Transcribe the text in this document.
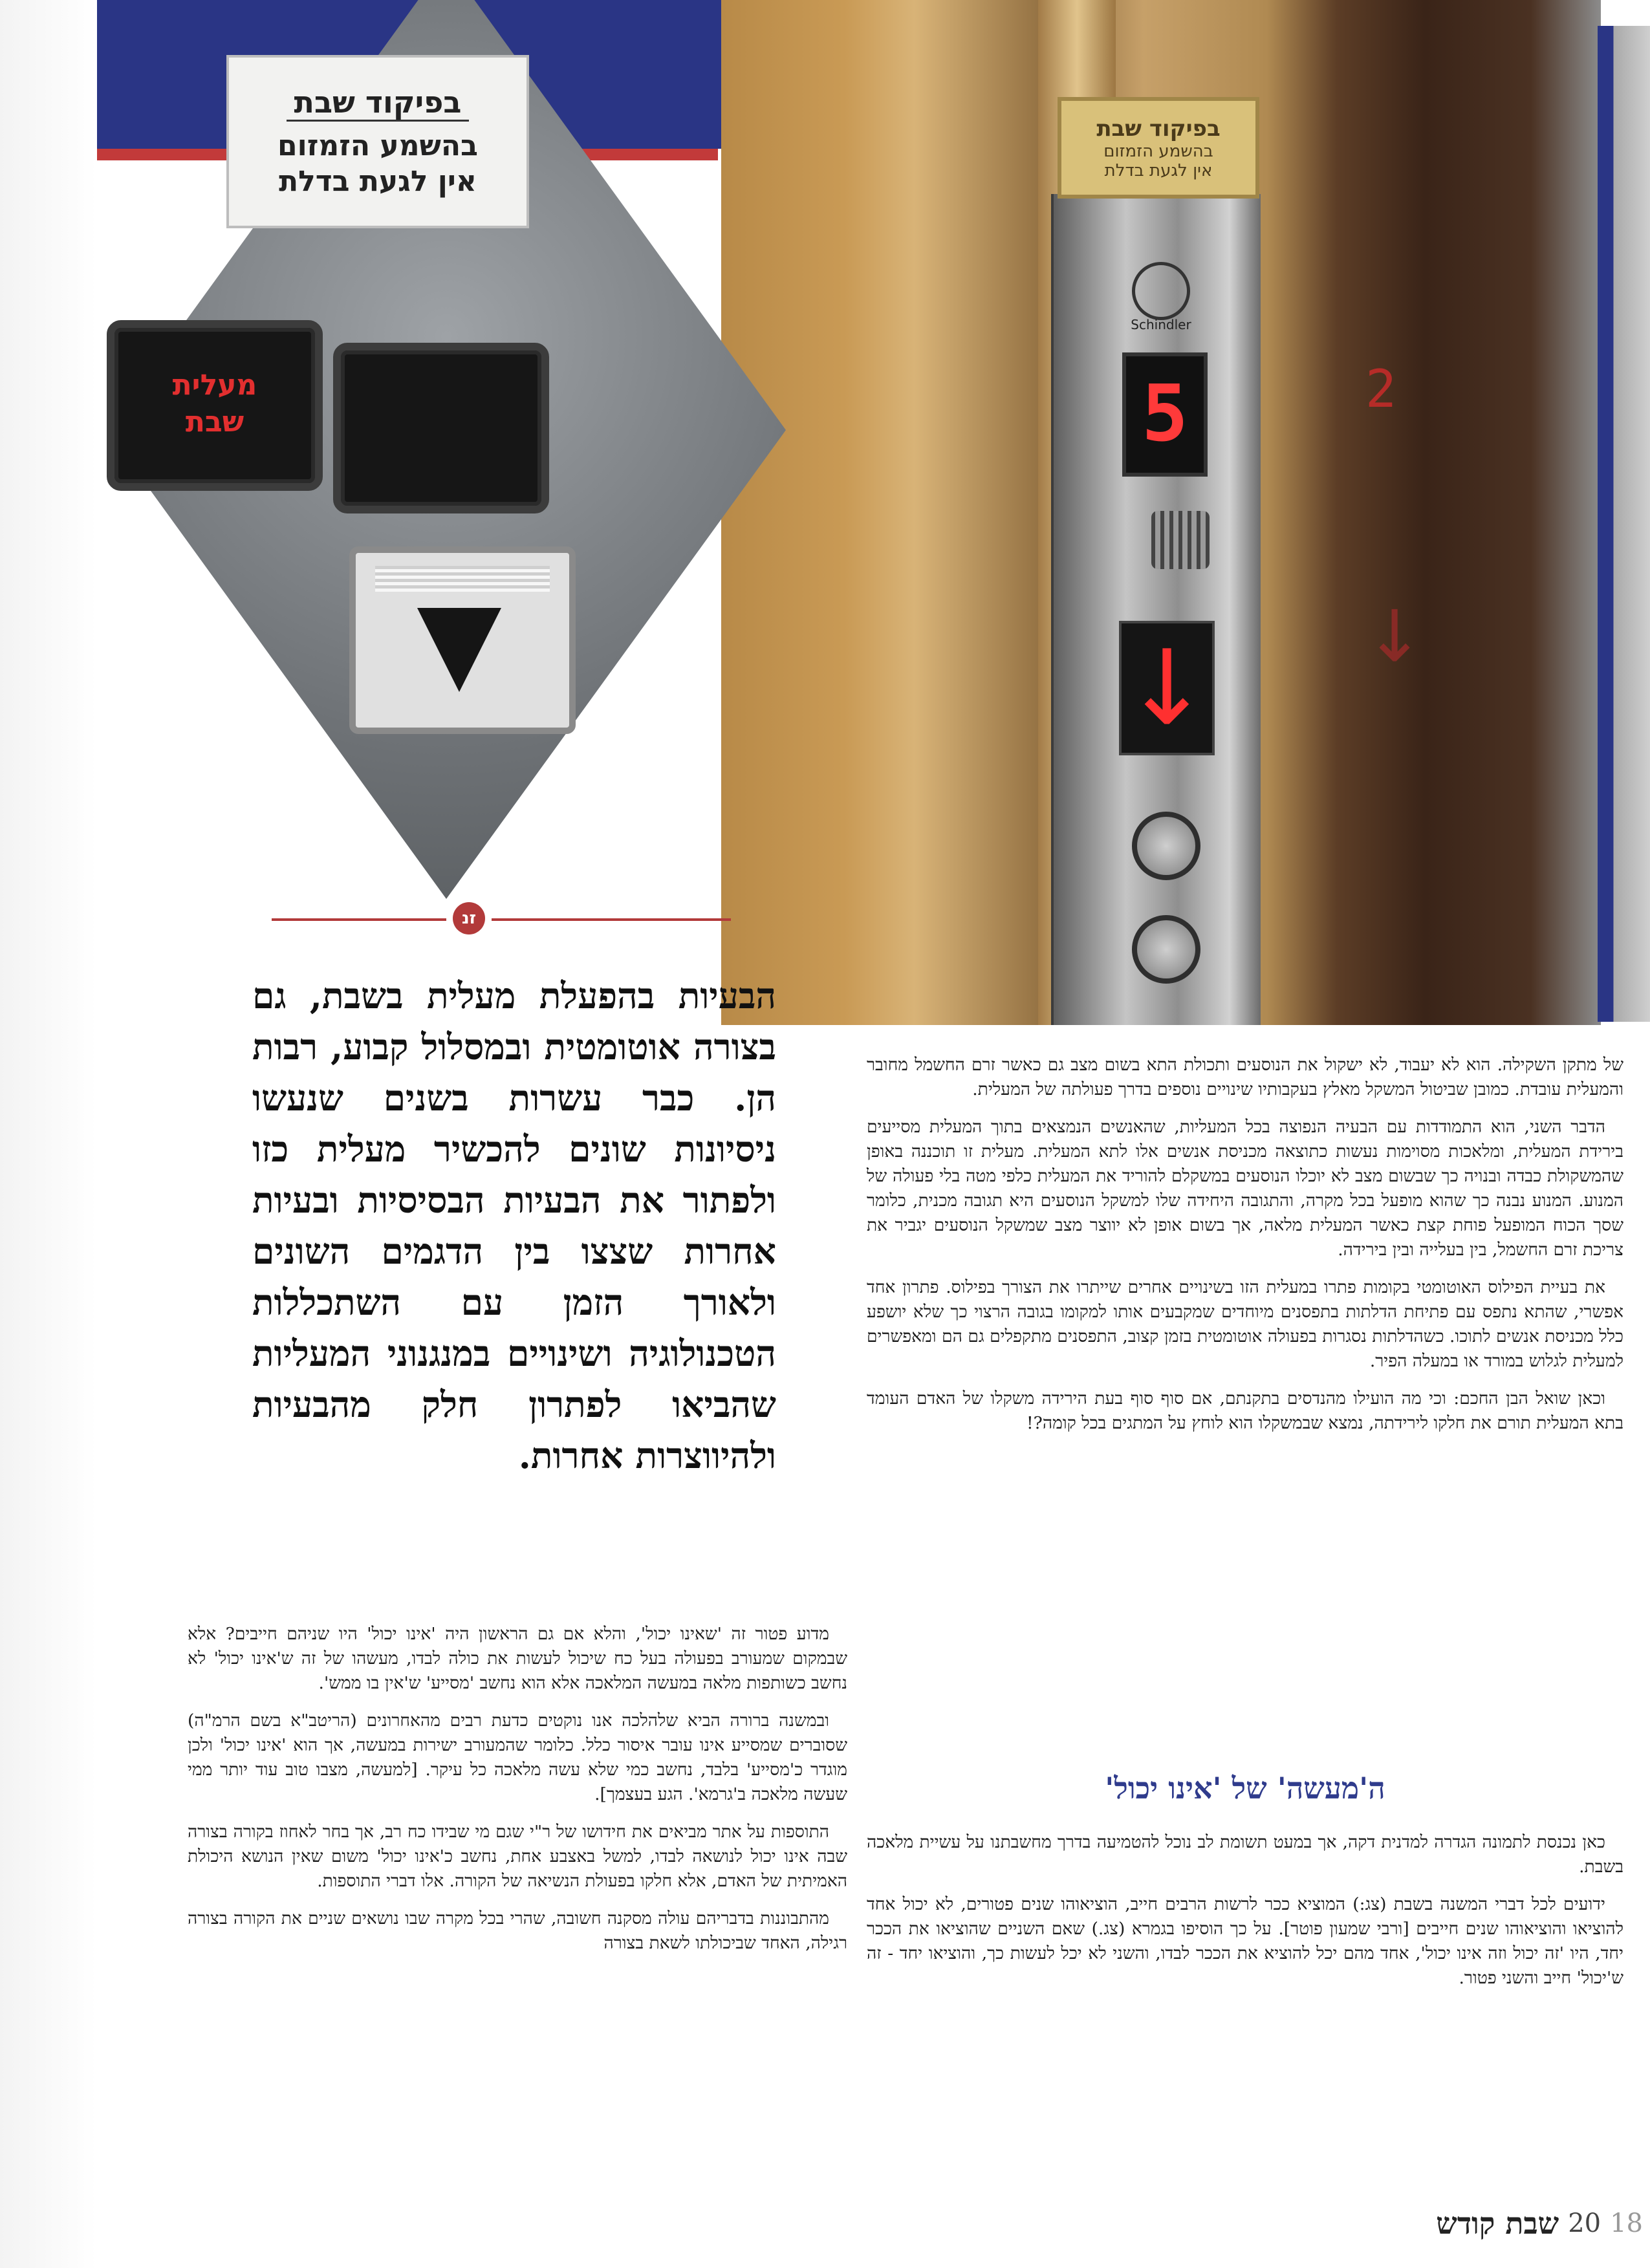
בפיקוד שבת
בהשמע הזמזום
אין לגעת בדלת
Schindler
5	2
↓ ↓
בפיקוד שבת
בהשמע הזמזום
אין לגעת בדלת
מעלית
שבת
זנ
הבעיות בהפעלת מעלית בשבת, גם בצורה אוטומטית ובמסלול קבוע, רבות הן. כבר עשרות בשנים שנעשו ניסיונות שונים להכשיר מעלית כזו ולפתור את הבעיות הבסיסיות ובעיות אחרות שצצו בין הדגמים השונים ולאורך הזמן עם השתכללות הטכנולוגיה ושינויים במנגנוני המעליות שהביאו לפתרון חלק מהבעיות ולהיווצרות אחרות.

של מתקן השקילה. הוא לא יעבוד, לא ישקול את הנוסעים ותכולת התא בשום מצב גם כאשר זרם החשמל מחובר והמעלית עובדת. כמובן שביטול המשקל מאלץ בעקבותיו שינויים נוספים בדרך פעולתה של המעלית.

הדבר השני, הוא התמודדות עם הבעיה הנפוצה בכל המעליות, שהאנשים הנמצאים בתוך המעלית מסייעים בירידת המעלית, ומלאכות מסוימות נעשות כתוצאה מכניסת אנשים אלו לתא המעלית. מעלית זו תוכננה באופן שהמשקולת כבדה ובנויה כך שבשום מצב לא יוכלו הנוסעים במשקלם להוריד את המעלית כלפי מטה בלי פעולה של המנוע. המנוע נבנה כך שהוא מופעל בכל מקרה, והתגובה היחידה שלו למשקל הנוסעים היא תגובה מכנית, כלומר שסך הכוח המופעל פוחת קצת כאשר המעלית מלאה, אך בשום אופן לא יווצר מצב שמשקל הנוסעים יגביר את צריכת זרם החשמל, בין בעלייה ובין בירידה.

את בעיית הפילוס האוטומטי בקומות פתרו במעלית הזו בשינויים אחרים שייתרו את הצורך בפילוס. פתרון אחד אפשרי, שהתא נתפס עם פתיחת הדלתות בתפסנים מיוחדים שמקבעים אותו למקומו בגובה הרצוי כך שלא יושפע כלל מכניסת אנשים לתוכו. כשהדלתות נסגרות בפעולה אוטומטית בזמן קצוב, התפסנים מתקפלים גם הם ומאפשרים למעלית לגלוש במורד או במעלה הפיר.

וכאן שואל הבן החכם: וכי מה הועילו מהנדסים בתקנתם, אם סוף סוף בעת הירידה משקלו של האדם העומד בתא המעלית תורם את חלקו לירידתה, נמצא שבמשקלו הוא לוחץ על המתגים בכל קומה?!

ה'מעשה' של 'אינו יכול'

כאן נכנסת לתמונה הגדרה למדנית דקה, אך במעט תשומת לב נוכל להטמיעה בדרך מחשבתנו על עשיית מלאכה בשבת.

ידועים לכל דברי המשנה בשבת (צג:) המוציא ככר לרשות הרבים חייב, הוציאוהו שנים פטורים, לא יכול אחד להוציאו והוציאוהו שנים חייבים [ורבי שמעון פוטר]. על כך הוסיפו בגמרא (צג.) שאם השניים שהוציאו את הככר יחד, היו 'זה יכול וזה אינו יכול', אחד מהם יכל להוציא את הככר לבדו, והשני לא יכל לעשות כך, והוציאו יחד - זה ש'יכול' חייב והשני פטור.

מדוע פטור זה 'שאינו יכול', והלא אם גם הראשון היה 'אינו יכול' היו שניהם חייבים? אלא שבמקום שמעורב בפעולה בעל כח שיכול לעשות את כולה לבדו, מעשהו של זה ש'אינו יכול' לא נחשב כשותפות מלאה במעשה המלאכה אלא הוא נחשב 'מסייע' ש'אין בו ממש'.

ובמשנה ברורה הביא שלהלכה אנו נוקטים כדעת רבים מהאחרונים (הריטב"א בשם הרמ"ה) שסוברים שמסייע אינו עובר איסור כלל. כלומר שהמעורב ישירות במעשה, אך הוא 'אינו יכול' ולכן מוגדר כ'מסייע' בלבד, נחשב כמי שלא עשה מלאכה כל עיקר. [למעשה, מצבו טוב עוד יותר ממי שעשה מלאכה ב'גרמא'. הגע בעצמך].

התוספות על אתר מביאים את חידושו של ר"י שגם מי שבידו כח רב, אך בחר לאחוז בקורה בצורה שבה אינו יכול לנושאה לבדו, למשל באצבע אחת, נחשב כ'אינו יכול' משום שאין הנושא היכולת האמיתית של האדם, אלא חלקו בפעולת הנשיאה של הקורה. אלו דברי התוספות.

מהתבוננות בדבריהם עולה מסקנה חשובה, שהרי בכל מקרה שבו נושאים שניים את הקורה בצורה רגילה, האחד שביכולתו לשאת בצורה

שבת קודש 20 18
